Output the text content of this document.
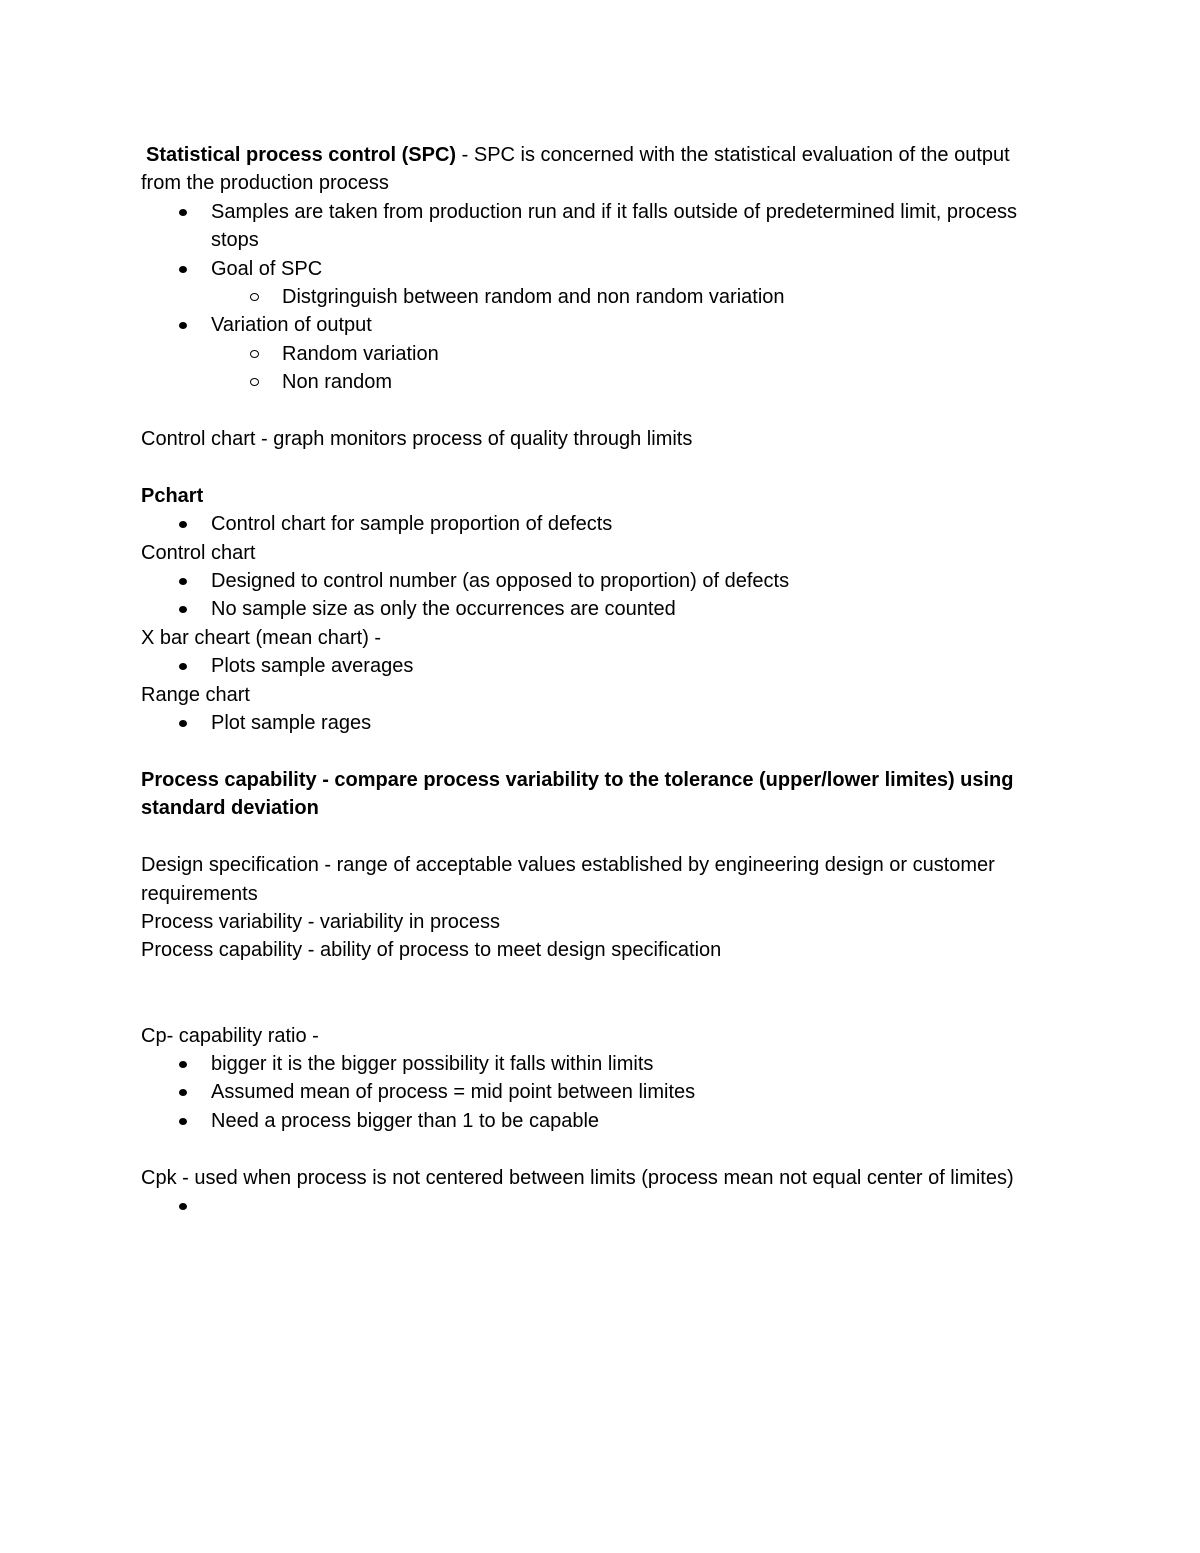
Statistical process control (SPC) - SPC is concerned with the statistical evaluation of the output

from the production process

Samples are taken from production run and if it falls outside of predetermined limit, process stops
Goal of SPC
Distgringuish between random and non random variation
Variation of output
Random variation
Non random

Control chart - graph monitors process of quality through limits

Pchart

Control chart for sample proportion of defects

Control chart

Designed to control number (as opposed to proportion) of defects
No sample size as only the occurrences are counted

X bar cheart (mean chart) -

Plots sample averages

Range chart

Plot sample rages

Process capability - compare process variability to the tolerance (upper/lower limites) using standard deviation

Design specification - range of acceptable values established by engineering design or customer requirements

Process variability - variability in process

Process capability - ability of process to meet design specification

Cp- capability ratio -

bigger it is the bigger possibility it falls within limits
Assumed mean of process = mid point between limites
Need a process bigger than 1 to be capable

Cpk - used when process is not centered between limits (process mean not equal center of limites)
